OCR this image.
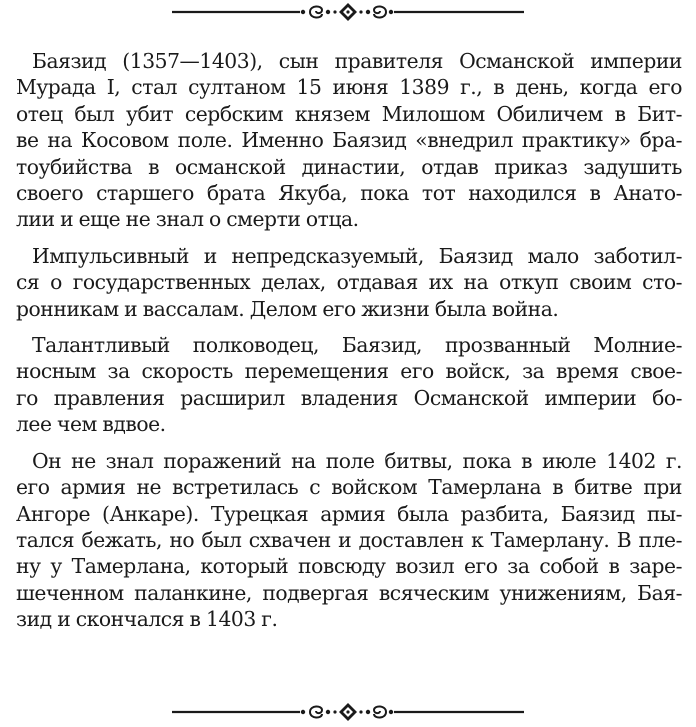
Баязид (1357—1403), сын правителя Османской империи
Мурада I, стал султаном 15 июня 1389 г., в день, когда его
отец был убит сербским князем Милошом Обиличем в Бит-
ве на Косовом поле. Именно Баязид «внедрил практику» бра-
тоубийства в османской династии, отдав приказ задушить
своего старшего брата Якуба, пока тот находился в Анато-
лии и еще не знал о смерти отца.

Импульсивный и непредсказуемый, Баязид мало заботил-
ся о государственных делах, отдавая их на откуп своим сто-
ронникам и вассалам. Делом его жизни была война.

Талантливый полководец, Баязид, прозванный Молние-
носным за скорость перемещения его войск, за время свое-
го правления расширил владения Османской империи бо-
лее чем вдвое.

Он не знал поражений на поле битвы, пока в июле 1402 г.
его армия не встретилась с войском Тамерлана в битве при
Ангоре (Анкаре). Турецкая армия была разбита, Баязид пы-
тался бежать, но был схвачен и доставлен к Тамерлану. В пле-
ну у Тамерлана, который повсюду возил его за собой в заре-
шеченном паланкине, подвергая всяческим унижениям, Бая-
зид и скончался в 1403 г.
